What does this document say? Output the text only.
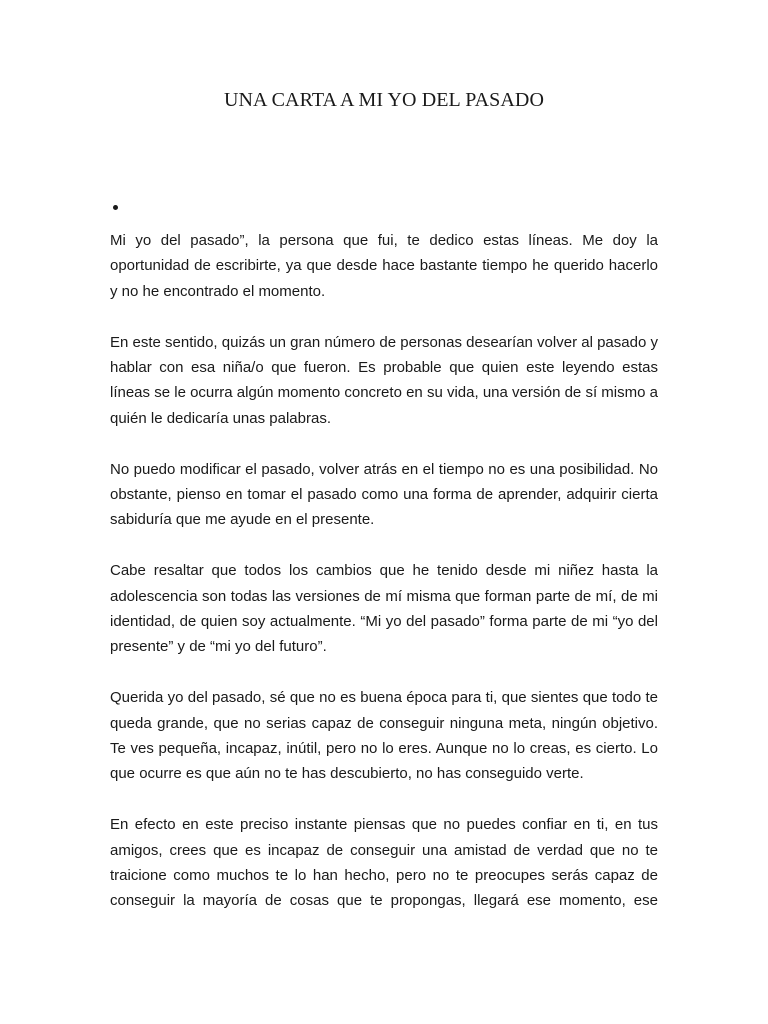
UNA CARTA A MI YO DEL PASADO

Mi yo del pasado”, la persona que fui, te dedico estas líneas. Me doy la oportunidad de escribirte, ya que desde hace bastante tiempo he querido hacerlo y no he encontrado el momento.

En este sentido, quizás un gran número de personas desearían volver al pasado y hablar con esa niña/o que fueron. Es probable que quien este leyendo estas líneas se le ocurra algún momento concreto en su vida, una versión de sí mismo a quién le dedicaría unas palabras.

No puedo modificar el pasado, volver atrás en el tiempo no es una posibilidad. No obstante, pienso en tomar el pasado como una forma de aprender, adquirir cierta sabiduría que me ayude en el presente.

Cabe resaltar que todos los cambios que he tenido desde mi niñez hasta la adolescencia son todas las versiones de mí misma que forman parte de mí, de mi identidad, de quien soy actualmente. “Mi yo del pasado” forma parte de mi “yo del presente” y de “mi yo del futuro”.

Querida yo del pasado, sé que no es buena época para ti, que sientes que todo te queda grande, que no serias capaz de conseguir ninguna meta, ningún objetivo. Te ves pequeña, incapaz, inútil, pero no lo eres. Aunque no lo creas, es cierto. Lo que ocurre es que aún no te has descubierto, no has conseguido verte.

En efecto en este preciso instante piensas que no puedes confiar en ti, en tus amigos, crees que es incapaz de conseguir una amistad de verdad que no te traicione como muchos te lo han hecho, pero no te preocupes serás capaz de conseguir la mayoría de cosas que te propongas, llegará ese momento, ese
